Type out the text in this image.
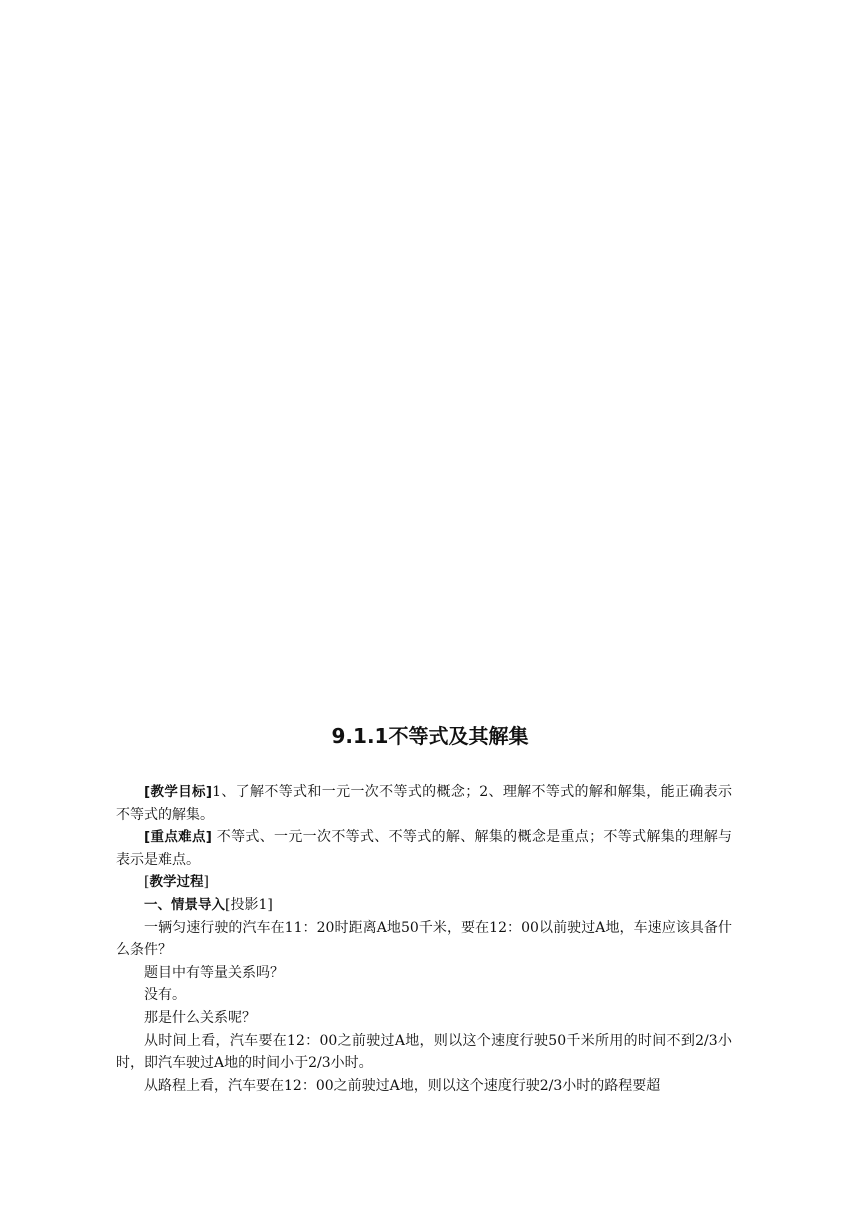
9.1.1不等式及其解集

[教学目标]1、了解不等式和一元一次不等式的概念；2、理解不等式的解和解集，能正确表示不等式的解集。

[重点难点] 不等式、一元一次不等式、不等式的解、解集的概念是重点；不等式解集的理解与表示是难点。

[教学过程]

一、情景导入[投影1]

一辆匀速行驶的汽车在11：20时距离A地50千米，要在12：00以前驶过A地，车速应该具备什么条件？

题目中有等量关系吗？

没有。

那是什么关系呢？

从时间上看，汽车要在12：00之前驶过A地，则以这个速度行驶50千米所用的时间不到2/3小时，即汽车驶过A地的时间小于2/3小时。

从路程上看，汽车要在12：00之前驶过A地，则以这个速度行驶2/3小时的路程要超
